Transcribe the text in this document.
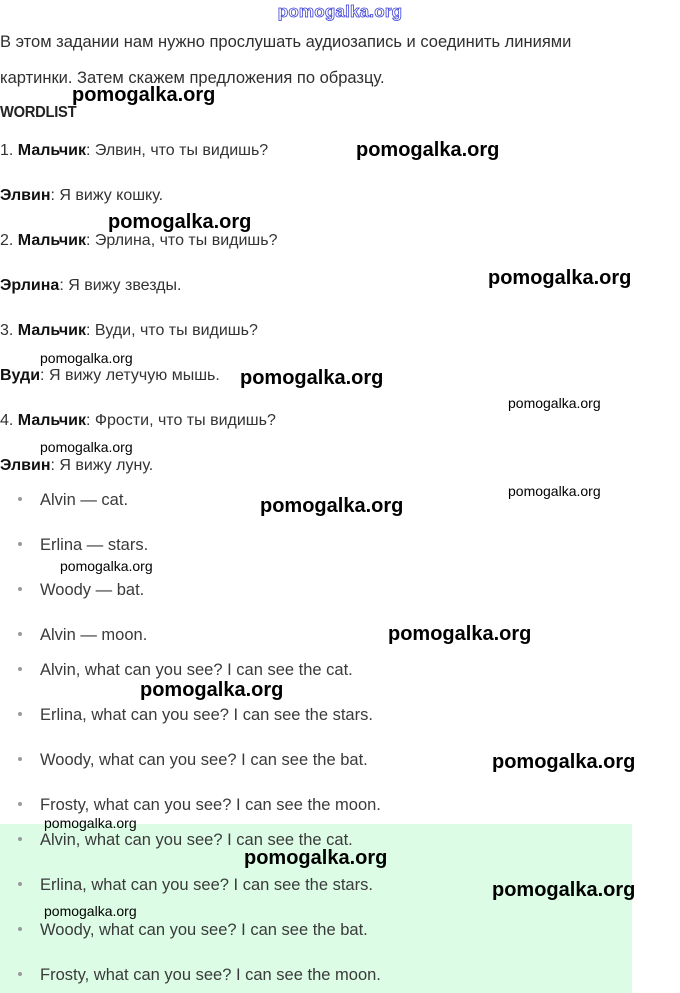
pomogalka.org
В этом задании нам нужно прослушать аудиозапись и соединить линиями
картинки. Затем скажем предложения по образцу.
WORDLIST
1. Мальчик: Элвин, что ты видишь?
Элвин: Я вижу кошку.
2. Мальчик: Эрлина, что ты видишь?
Эрлина: Я вижу звезды.
3. Мальчик: Вуди, что ты видишь?
Вуди: Я вижу летучую мышь.
4. Мальчик: Фрости, что ты видишь?
Элвин: Я вижу луну.
Alvin — cat.
Erlina — stars.
Woody — bat.
Alvin — moon.
Alvin, what can you see? I can see the cat.
Erlina, what can you see? I can see the stars.
Woody, what can you see? I can see the bat.
Frosty, what can you see? I can see the moon.
Alvin, what can you see? I can see the cat.
Erlina, what can you see? I can see the stars.
Woody, what can you see? I can see the bat.
Frosty, what can you see? I can see the moon.
pomogalka.org
pomogalka.org
pomogalka.org
pomogalka.org
pomogalka.org
pomogalka.org
pomogalka.org
pomogalka.org
pomogalka.org
pomogalka.org
pomogalka.org
pomogalka.org
pomogalka.org
pomogalka.org
pomogalka.org
pomogalka.org
pomogalka.org
pomogalka.org
